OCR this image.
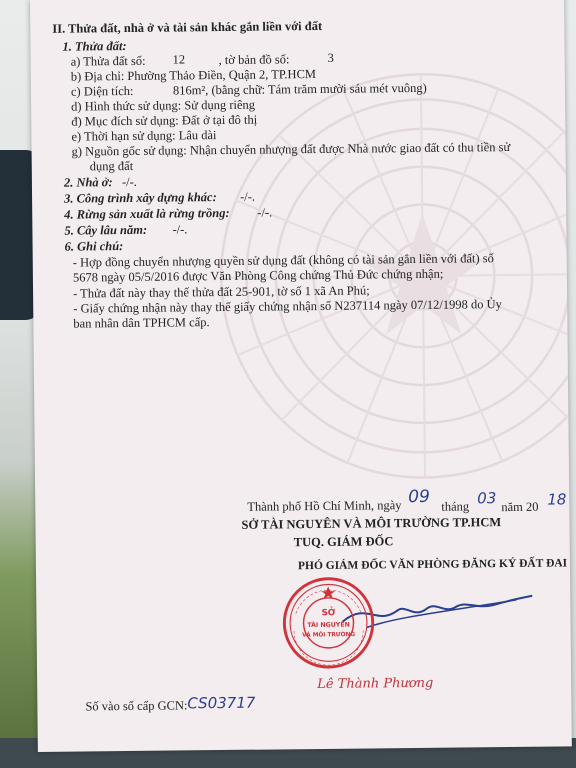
II. Thửa đất, nhà ở và tài sản khác gắn liền với đất
1. Thửa đất:
a) Thửa đất số: 12	, tờ bản đồ số:	3
b) Địa chỉ: Phường Thảo Điền, Quận 2, TP.HCM
c) Diện tích:	816m², (bằng chữ: Tám trăm mười sáu mét vuông)
d) Hình thức sử dụng: Sử dụng riêng
đ) Mục đích sử dụng: Đất ở tại đô thị
e) Thời hạn sử dụng: Lâu dài
g) Nguồn gốc sử dụng: Nhận chuyển nhượng đất được Nhà nước giao đất có thu tiền sử
dụng đất
2. Nhà ở: -/-.
3. Công trình xây dựng khác: -/-.
4. Rừng sản xuất là rừng trồng: -/-.
5. Cây lâu năm: -/-.
6. Ghi chú:
- Hợp đồng chuyển nhượng quyền sử dụng đất (không có tài sản gắn liền với đất) số
5678 ngày 05/5/2016 được Văn Phòng Công chứng Thủ Đức chứng nhận;
- Thửa đất này thay thế thửa đất 25-901, tờ số 1 xã An Phú;
- Giấy chứng nhận này thay thế giấy chứng nhận số N237114 ngày 07/12/1998 do Ủy
ban nhân dân TPHCM cấp.
Thành phố Hồ Chí Minh, ngày 09 tháng 03 năm 20 18
SỞ TÀI NGUYÊN VÀ MÔI TRƯỜNG TP.HCM
TUQ. GIÁM ĐỐC
PHÓ GIÁM ĐỐC VĂN PHÒNG ĐĂNG KÝ ĐẤT ĐAI
SỞ
TÀI NGUYÊN
VÀ MÔI TRƯỜNG
Lê Thành Phương
Số vào sổ cấp GCN: CS03717
